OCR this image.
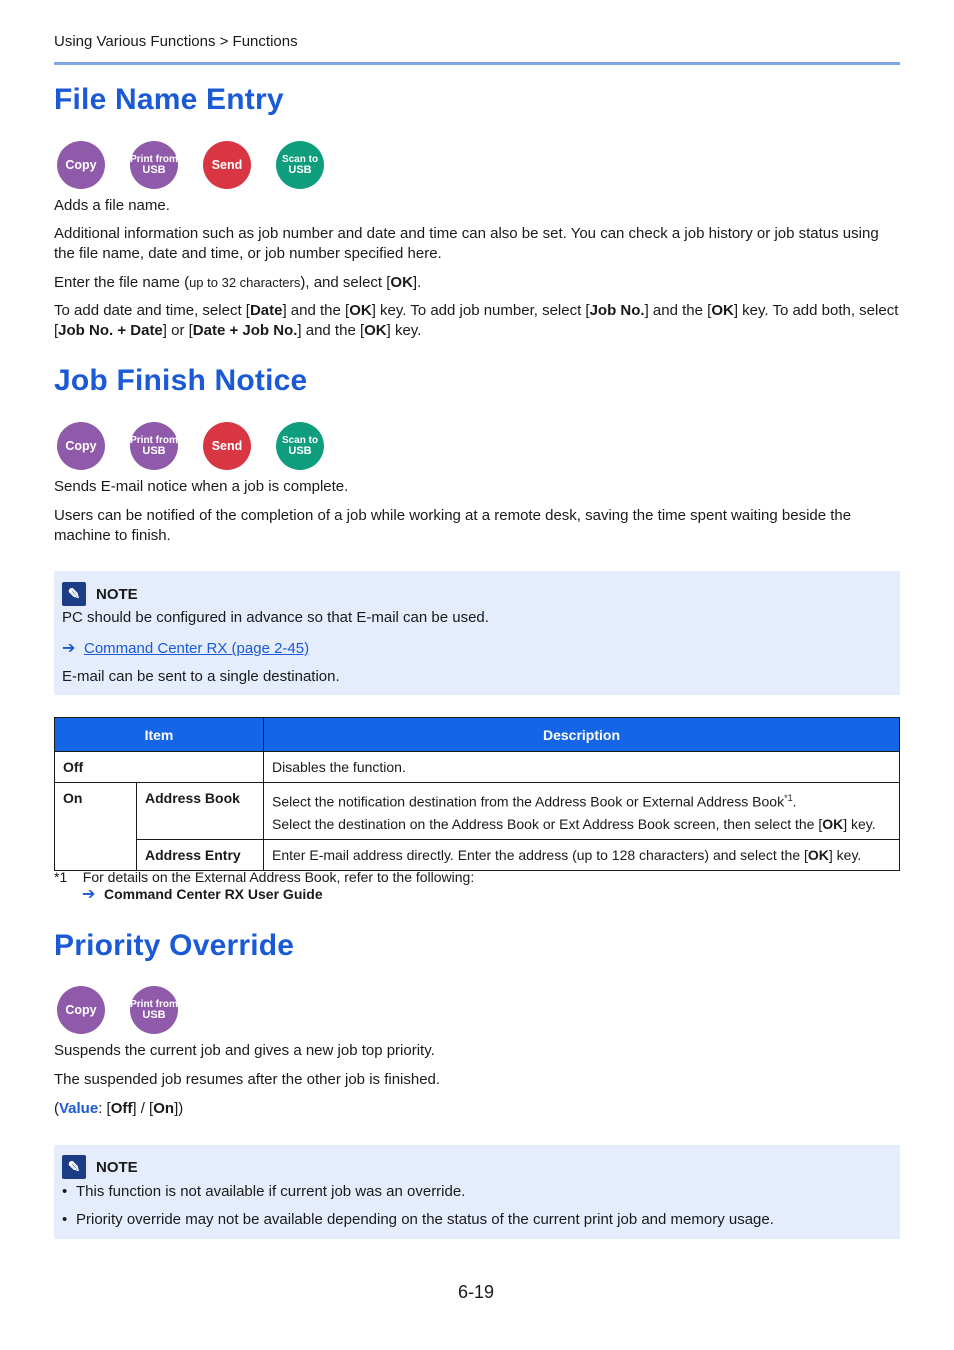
Using Various Functions > Functions
File Name Entry
Copy	Print from
USB	Send	Scan to
USB

Adds a file name.

Additional information such as job number and date and time can also be set. You can check a job history or job status using the file name, date and time, or job number specified here.

Enter the file name (up to 32 characters), and select [OK].

To add date and time, select [Date] and the [OK] key. To add job number, select [Job No.] and the [OK] key. To add both, select [Job No. + Date] or [Date + Job No.] and the [OK] key.

Job Finish Notice
Copy	Print from
USB	Send	Scan to
USB

Sends E-mail notice when a job is complete.

Users can be notified of the completion of a job while working at a remote desk, saving the time spent waiting beside the machine to finish.

✎	NOTE
PC should be configured in advance so that E-mail can be used.
➔ Command Center RX (page 2-45)
E-mail can be sent to a single destination.
Item		Description
Off		Disables the function.
On	Address Book	Select the notification destination from the Address Book or External Address Book$^{*1}$.
Select the destination on the Address Book or Ext Address Book screen, then select the [OK] key.
	Address Entry	Enter E-mail address directly. Enter the address (up to 128 characters) and select the [OK] key.
*1 For details on the External Address Book, refer to the following:
➔ Command Center RX User Guide
Priority Override
Copy	Print from
USB

Suspends the current job and gives a new job top priority.

The suspended job resumes after the other job is finished.

(Value: [Off] / [On])

✎	NOTE
• This function is not available if current job was an override.
• Priority override may not be available depending on the status of the current print job and memory usage.
6-19
